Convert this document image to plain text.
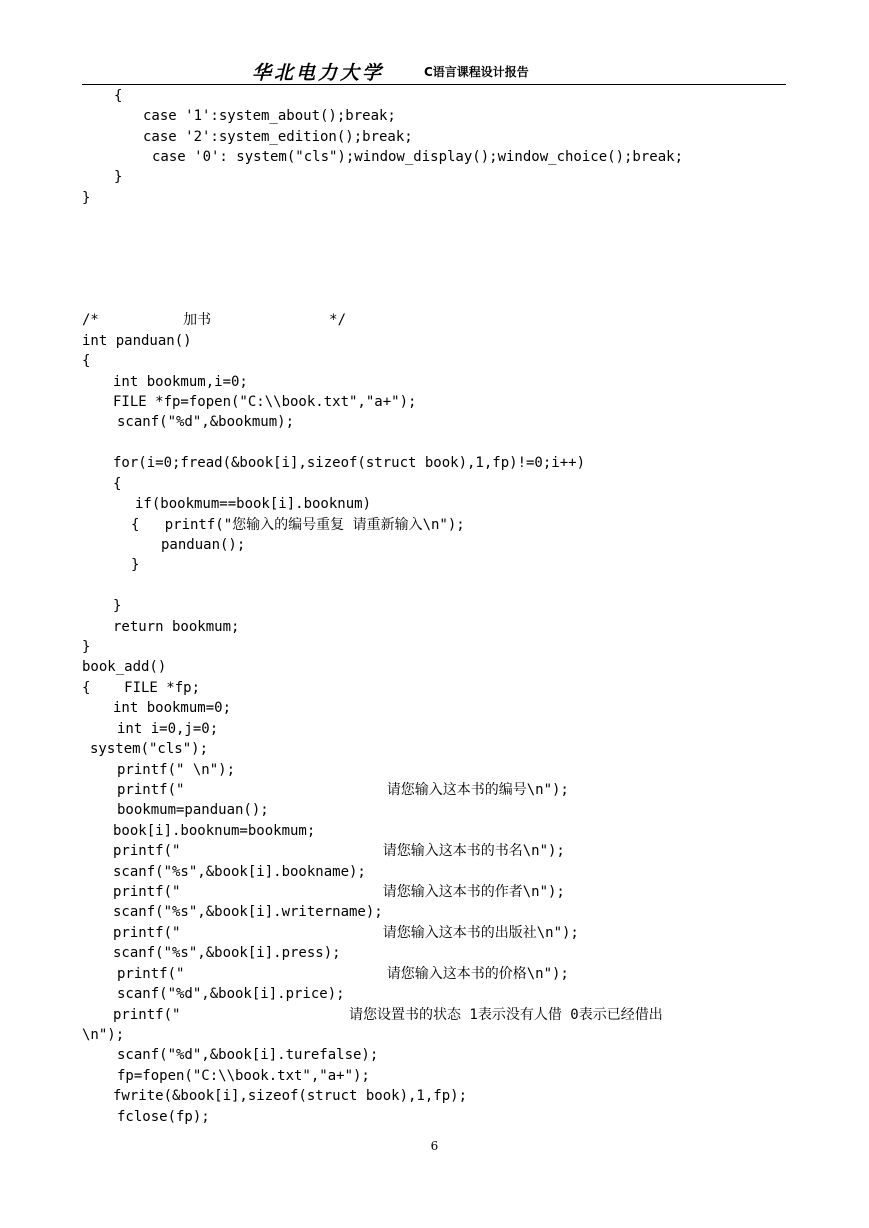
华北电力大学	C语言课程设计报告
{
case '1':system_about();break;
case '2':system_edition();break;
case '0': system("cls");window_display();window_choice();break;
}
}
/*          加书              */
int panduan()
{
int bookmum,i=0;
FILE *fp=fopen("C:\\book.txt","a+");
scanf("%d",&bookmum);
for(i=0;fread(&book[i],sizeof(struct book),1,fp)!=0;i++)
{
if(bookmum==book[i].booknum)
{   printf("您输入的编号重复 请重新输入\n");
panduan();
}
}
return bookmum;
}
book_add()
{    FILE *fp;
int bookmum=0;
int i=0,j=0;
system("cls");
printf(" \n");
printf("                        请您输入这本书的编号\n");
bookmum=panduan();
book[i].booknum=bookmum;
printf("                        请您输入这本书的书名\n");
scanf("%s",&book[i].bookname);
printf("                        请您输入这本书的作者\n");
scanf("%s",&book[i].writername);
printf("                        请您输入这本书的出版社\n");
scanf("%s",&book[i].press);
printf("                        请您输入这本书的价格\n");
scanf("%d",&book[i].price);
printf("                    请您设置书的状态 1表示没有人借 0表示已经借出
\n");
scanf("%d",&book[i].turefalse);
fp=fopen("C:\\book.txt","a+");
fwrite(&book[i],sizeof(struct book),1,fp);
fclose(fp);
6
